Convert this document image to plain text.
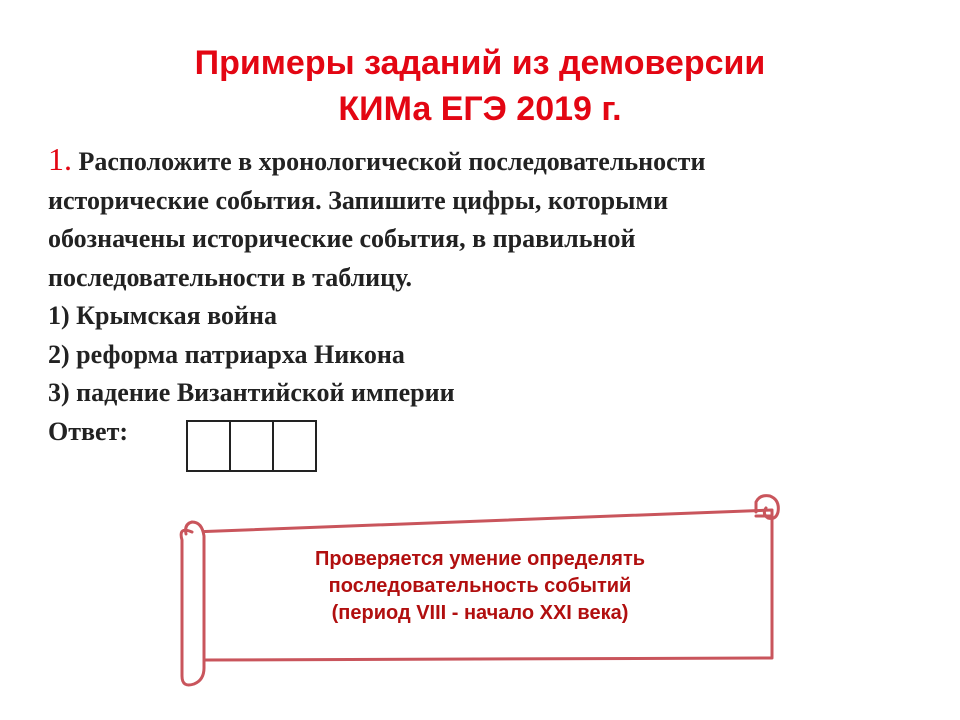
Примеры заданий из демоверсии
КИМа ЕГЭ 2019 г.
1. Расположите в хронологической последовательности
исторические события. Запишите цифры, которыми
обозначены исторические события, в правильной
последовательности в таблицу.
1) Крымская война
2) реформа патриарха Никона
3) падение Византийской империи
Ответ:
Проверяется умение определять
последовательность событий
(период VIII - начало XXI века)
